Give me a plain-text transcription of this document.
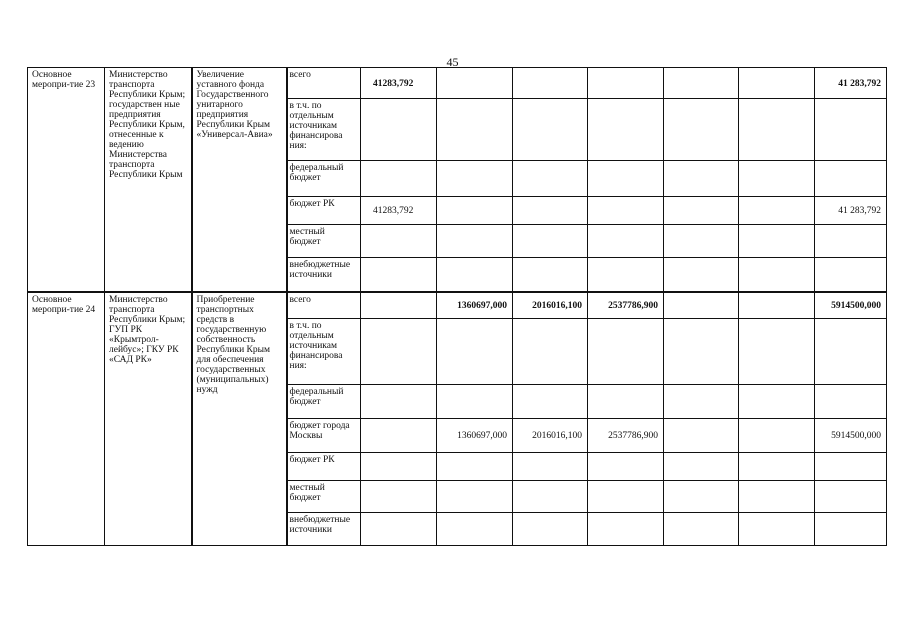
45
Основное меропри-тие 23	Министерство транспорта Республики Крым; государствен ные предприятия Республики Крым, отнесенные к ведению Министерства транспорта Республики Крым	Увеличение уставного фонда Государственного унитарного предприятия Республики Крым «Универсал-Авиа»	всего	41283,792						41 283,792
			в т.ч. по отдельным источникам финансирова ния:							
			федеральный бюджет							
			бюджет РК	41283,792						41 283,792
			местный бюджет							
			внебюджетные источники							
Основное меропри-тие 24	Министерство транспорта Республики Крым; ГУП РК «Крымтрол-лейбус»; ГКУ РК «САД РК»	Приобретение транспортных средств в государственную собственность Республики Крым для обеспечения государственных (муниципальных) нужд	всего		1360697,000	2016016,100	2537786,900			5914500,000
			в т.ч. по отдельным источникам финансирова ния:							
			федеральный бюджет							
			бюджет города Москвы		1360697,000	2016016,100	2537786,900			5914500,000
			бюджет РК							
			местный бюджет							
			внебюджетные источники							
